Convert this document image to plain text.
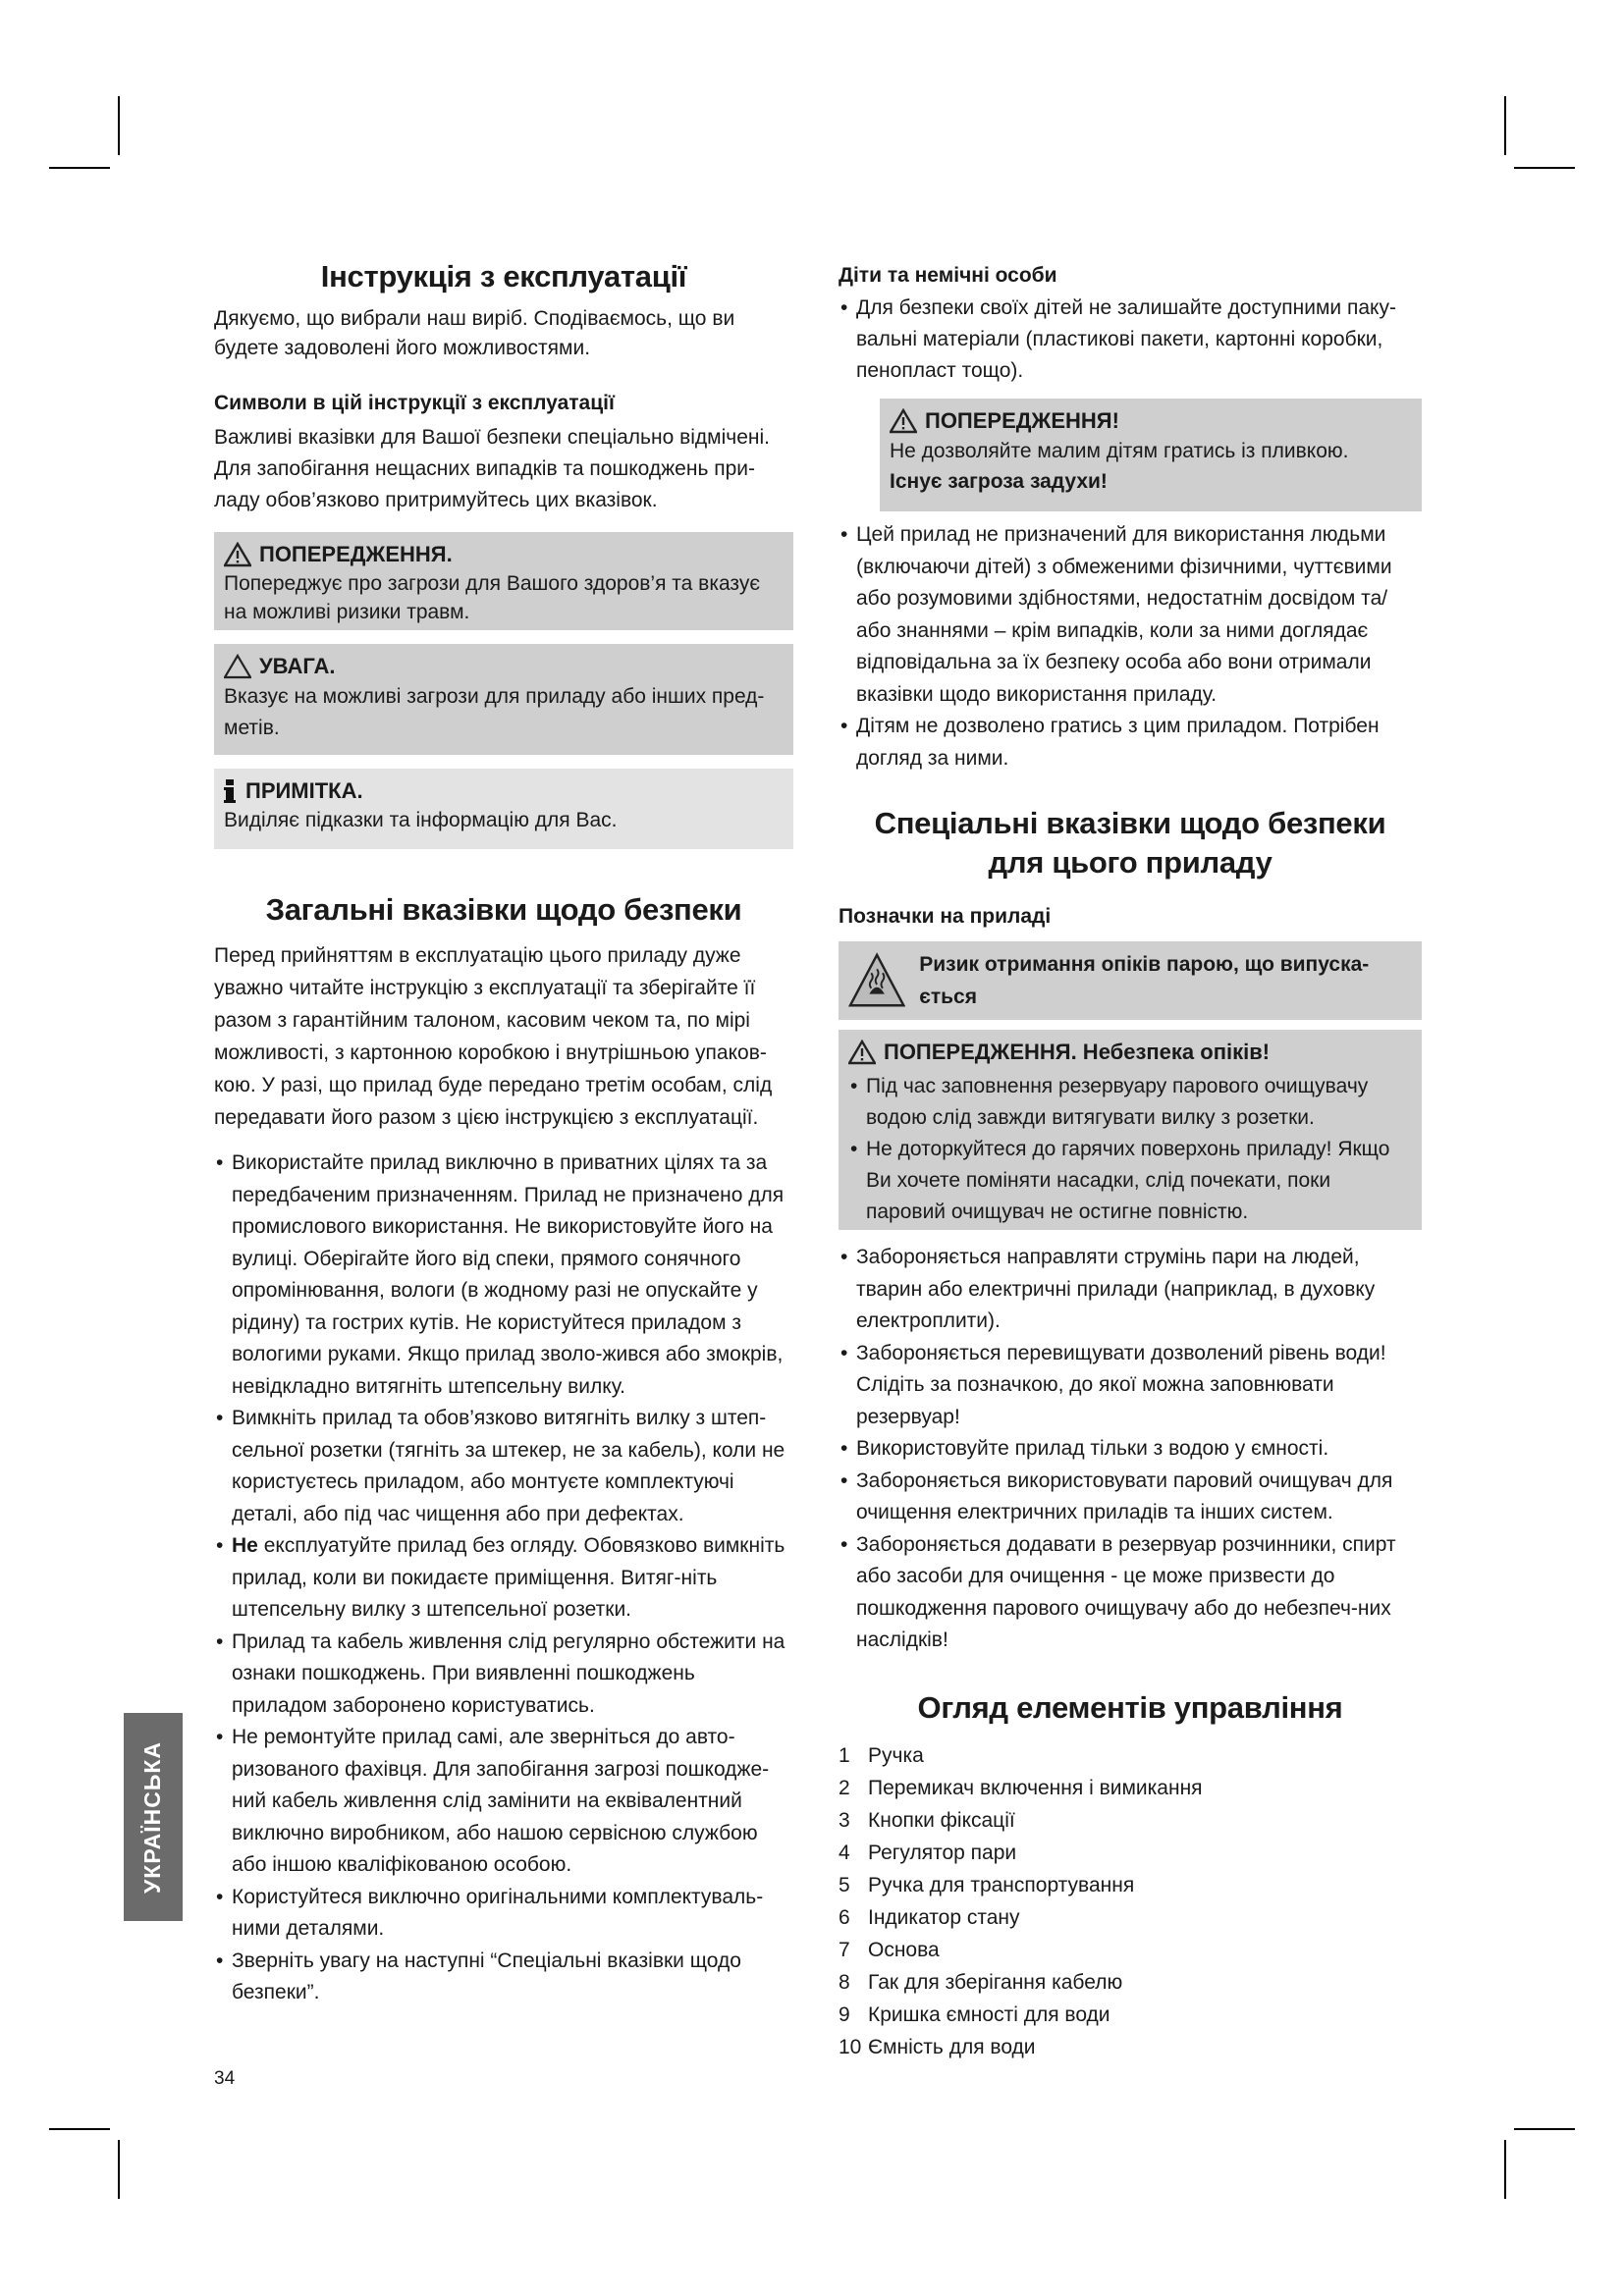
Інструкція з експлуатації

Дякуємо, що вибрали наш виріб. Сподіваємось, що ви будете задоволені його можливостями.

Символи в цій інструкції з експлуатації

Важливі вказівки для Вашої безпеки спеціально відмічені. Для запобігання нещасних випадків та пошкоджень при-ладу обов’язково притримуйтесь цих вказівок.

ПОПЕРЕДЖЕННЯ.

Попереджує про загрози для Вашого здоров’я та вказує на можливі ризики травм.

УВАГА.

Вказує на можливі загрози для приладу або інших пред-метів.

ПРИМІТКА.

Виділяє підказки та інформацію для Вас.

Загальні вказівки щодо безпеки

Перед прийняттям в експлуатацію цього приладу дуже уважно читайте інструкцію з експлуатації та зберігайте її разом з гарантійним талоном, касовим чеком та, по мірі можливості, з картонною коробкою і внутрішньою упаков-кою. У разі, що прилад буде передано третім особам, слід передавати його разом з цією інструкцією з експлуатації.

• Використайте прилад виключно в приватних цілях та за передбаченим призначенням. Прилад не призначено для промислового використання. Не використовуйте його на вулиці. Оберігайте його від спеки, прямого сонячного опромінювання, вологи (в жодному разі не опускайте у рідину) та гострих кутів. Не користуйтеся приладом з вологими руками. Якщо прилад зволо-жився або змокрів, невідкладно витягніть штепсельну вилку.
• Вимкніть прилад та обов’язково витягніть вилку з штеп-сельної розетки (тягніть за штекер, не за кабель), коли не користуєтесь приладом, або монтуєте комплектуючі деталі, або під час чищення або при дефектах.
• Не експлуатуйте прилад без огляду. Обовязково вимкніть прилад, коли ви покидаєте приміщення. Витяг-ніть штепсельну вилку з штепсельної розетки.
• Прилад та кабель живлення слід регулярно обстежити на ознаки пошкоджень. При виявленні пошкоджень приладом заборонено користуватись.
• Не ремонтуйте прилад самі, але зверніться до авто-ризованого фахівця. Для запобігання загрозі пошкодже-ний кабель живлення слід замінити на еквівалентний виключно виробником, або нашою сервісною службою або іншою кваліфікованою особою.
• Користуйтеся виключно оригінальними комплектуваль-ними деталями.
• Зверніть увагу на наступні “Спеціальні вказівки щодо безпеки”.
Діти та немічні особи
• Для безпеки своїх дітей не залишайте доступними паку-вальні матеріали (пластикові пакети, картонні коробки, пенопласт тощо).
ПОПЕРЕДЖЕННЯ!

Не дозволяйте малим дітям гратись із пливкою.

Існує загроза задухи!

• Цей прилад не призначений для використання людьми (включаючи дітей) з обмеженими фізичними, чуттєвими або розумовими здібностями, недостатнім досвідом та/ або знаннями – крім випадків, коли за ними доглядає відповідальна за їх безпеку особа або вони отримали вказівки щодо використання приладу.
• Дітям не дозволено гратись з цим приладом. Потрібен догляд за ними.
Спеціальні вказівки щодо безпеки
для цього приладу
Позначки на приладі
Ризик отримання опіків парою, що випуска-ється
ПОПЕРЕДЖЕННЯ. Небезпека опіків!
• Під час заповнення резервуару парового очищувачу водою слід завжди витягувати вилку з розетки.
• Не доторкуйтеся до гарячих поверхонь приладу! Якщо Ви хочете поміняти насадки, слід почекати, поки паровий очищувач не остигне повністю.
• Забороняється направляти струмінь пари на людей, тварин або електричні прилади (наприклад, в духовку електроплити).
• Забороняється перевищувати дозволений рівень води! Слідіть за позначкою, до якої можна заповнювати резервуар!
• Використовуйте прилад тільки з водою у ємності.
• Забороняється використовувати паровий очищувач для очищення електричних приладів та інших систем.
• Забороняється додавати в резервуар розчинники, спирт або засоби для очищення - це може призвести до пошкодження парового очищувачу або до небезпеч-них наслідків!
Огляд елементів управління
1 Ручка
2 Перемикач включення і вимикання
3 Кнопки фіксації
4 Регулятор пари
5 Ручка для транспортування
6 Індикатор стану
7 Основа
8 Гак для зберігання кабелю
9 Кришка ємності для води
10 Ємність для води
УКРАЇНСЬКА
34
